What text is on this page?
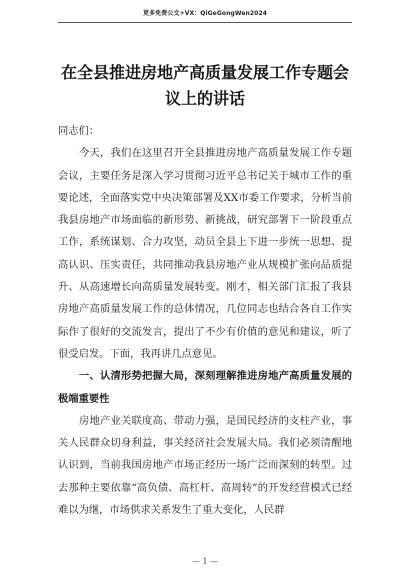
更多免费公文+VX：QiGeGongWen2024
在全县推进房地产高质量发展工作专题会议上的讲话

同志们：

今天，我们在这里召开全县推进房地产高质量发展工作专题会议，主要任务是深入学习贯彻习近平总书记关于城市工作的重要论述，全面落实党中央决策部署及XX市委工作要求，分析当前我县房地产市场面临的新形势、新挑战，研究部署下一阶段重点工作，系统谋划、合力攻坚，动员全县上下进一步统一思想、提高认识、压实责任，共同推动我县房地产业从规模扩张向品质提升、从高速增长向高质量发展转变。刚才，相关部门汇报了我县房地产高质量发展工作的总体情况，几位同志也结合各自工作实际作了很好的交流发言，提出了不少有价值的意见和建议，听了很受启发。下面，我再讲几点意见。

一、认清形势把握大局，深刻理解推进房地产高质量发展的极端重要性

房地产业关联度高、带动力强，是国民经济的支柱产业，事关人民群众切身利益，事关经济社会发展大局。我们必须清醒地认识到，当前我国房地产市场正经历一场广泛而深刻的转型。过去那种主要依靠“高负债、高杠杆、高周转”的开发经营模式已经难以为继，市场供求关系发生了重大变化，人民群

— 1 —
